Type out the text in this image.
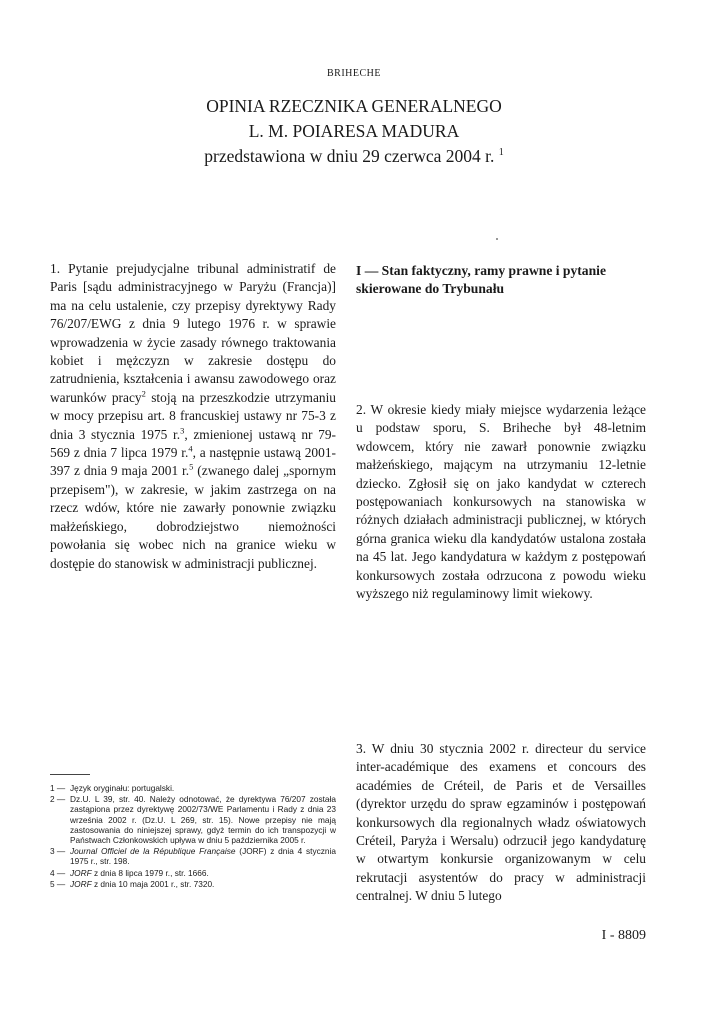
BRIHECHE
OPINIA RZECZNIKA GENERALNEGO
L. M. POIARESA MADURA
przedstawiona w dniu 29 czerwca 2004 r. $^1$

1. Pytanie prejudycjalne tribunal administratif de Paris [sądu administracyjnego w Paryżu (Francja)] ma na celu ustalenie, czy przepisy dyrektywy Rady 76/207/EWG z dnia 9 lutego 1976 r. w sprawie wprowadzenia w życie zasady równego traktowania kobiet i mężczyzn w zakresie dostępu do zatrudnienia, kształcenia i awansu zawodowego oraz warunków pracy$^2$ stoją na przeszkodzie utrzymaniu w mocy przepisu art. 8 francuskiej ustawy nr 75-3 z dnia 3 stycznia 1975 r.$^3$, zmienionej ustawą nr 79-569 z dnia 7 lipca 1979 r.$^4$, a następnie ustawą 2001-397 z dnia 9 maja 2001 r.$^5$ (zwanego dalej „spornym przepisem"), w zakresie, w jakim zastrzega on na rzecz wdów, które nie zawarły ponownie związku małżeńskiego, dobrodziejstwo niemożności powołania się wobec nich na granice wieku w dostępie do stanowisk w administracji publicznej.

I — Stan faktyczny, ramy prawne i pytanie skierowane do Trybunału

2. W okresie kiedy miały miejsce wydarzenia leżące u podstaw sporu, S. Briheche był 48-letnim wdowcem, który nie zawarł ponownie związku małżeńskiego, mającym na utrzymaniu 12-letnie dziecko. Zgłosił się on jako kandydat w czterech postępowaniach konkursowych na stanowiska w różnych działach administracji publicznej, w których górna granica wieku dla kandydatów ustalona została na 45 lat. Jego kandydatura w każdym z postępowań konkursowych została odrzucona z powodu wieku wyższego niż regulaminowy limit wiekowy.

3. W dniu 30 stycznia 2002 r. directeur du service inter-académique des examens et concours des académies de Créteil, de Paris et de Versailles (dyrektor urzędu do spraw egzaminów i postępowań konkursowych dla regionalnych władz oświatowych Créteil, Paryża i Wersalu) odrzucił jego kandydaturę w otwartym konkursie organizowanym w celu rekrutacji asystentów do pracy w administracji centralnej. W dniu 5 lutego

1 — Język oryginału: portugalski.
2 — Dz.U. L 39, str. 40. Należy odnotować, że dyrektywa 76/207 została zastąpiona przez dyrektywę 2002/73/WE Parlamentu i Rady z dnia 23 września 2002 r. (Dz.U. L 269, str. 15). Nowe przepisy nie mają zastosowania do niniejszej sprawy, gdyż termin do ich transpozycji w Państwach Członkowskich upływa w dniu 5 października 2005 r.
3 — Journal Officiel de la République Française (JORF) z dnia 4 stycznia 1975 r., str. 198.
4 — JORF z dnia 8 lipca 1979 r., str. 1666.
5 — JORF z dnia 10 maja 2001 r., str. 7320.
I - 8809
